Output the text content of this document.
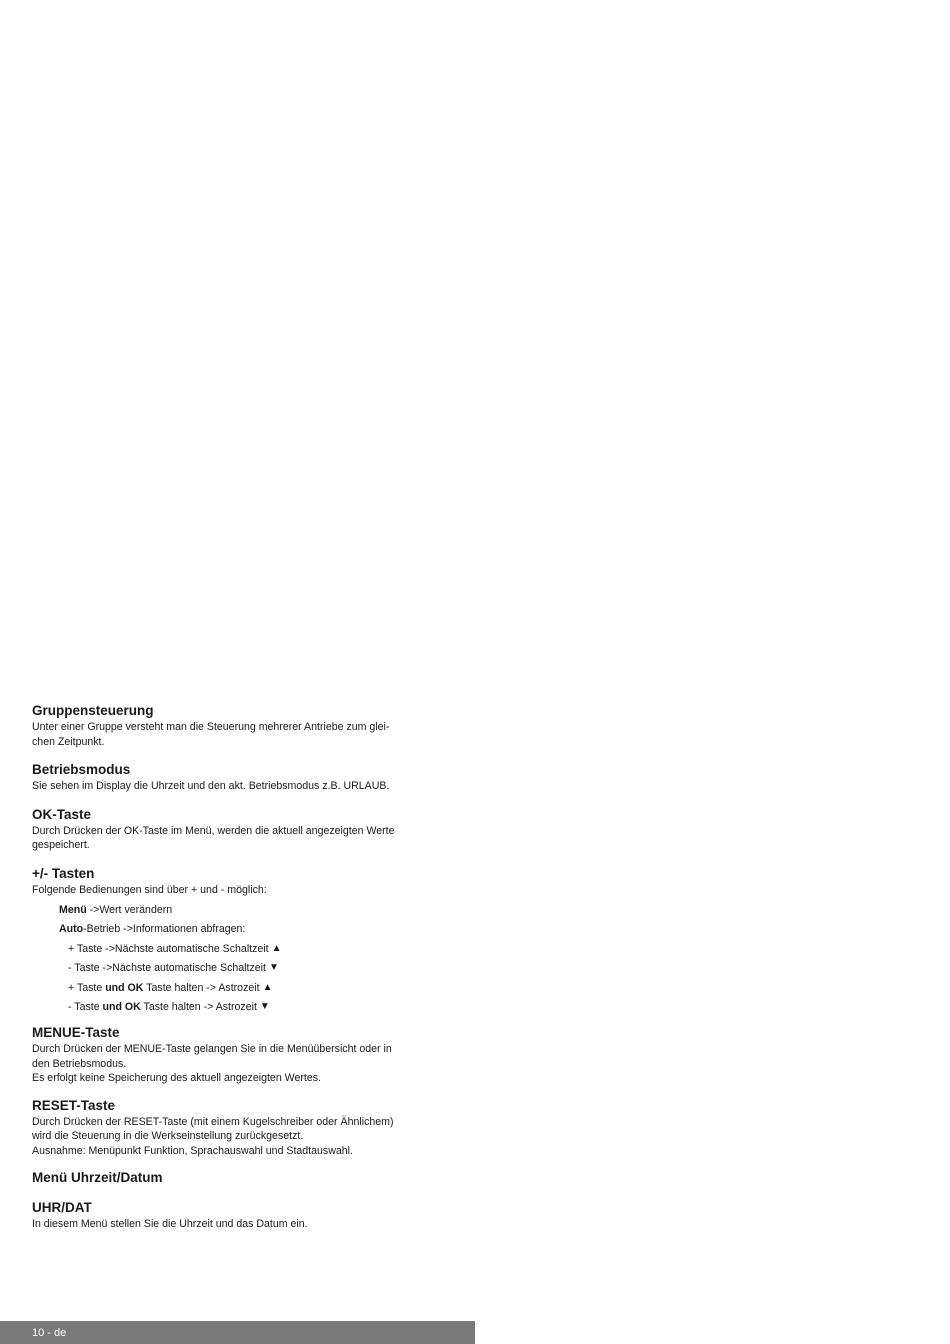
Gruppensteuerung

Unter einer Gruppe versteht man die Steuerung mehrerer Antriebe zum glei-

chen Zeitpunkt.

Betriebsmodus

Sie sehen im Display die Uhrzeit und den akt. Betriebsmodus z.B. URLAUB.

OK-Taste

Durch Drücken der OK-Taste im Menü, werden die aktuell angezeigten Werte

gespeichert.

+/- Tasten

Folgende Bedienungen sind über + und - möglich:

Menü ->Wert verändern

Auto -Betrieb ->Informationen abfragen:

+ Taste ->Nächste automatische Schaltzeit ▲

- Taste ->Nächste automatische Schaltzeit ▼

+ Taste und OK Taste halten -> Astrozeit ▲

- Taste und OK Taste halten -> Astrozeit ▼

MENUE-Taste

Durch Drücken der MENUE-Taste gelangen Sie in die Menüübersicht oder in

den Betriebsmodus.

Es erfolgt keine Speicherung des aktuell angezeigten Wertes.

RESET-Taste

Durch Drücken der RESET-Taste (mit einem Kugelschreiber oder Ähnlichem)

wird die Steuerung in die Werkseinstellung zurückgesetzt.

Ausnahme: Menüpunkt Funktion, Sprachauswahl und Stadtauswahl.

Menü Uhrzeit/Datum
UHR/DAT

In diesem Menü stellen Sie die Uhrzeit und das Datum ein.

10 - de
